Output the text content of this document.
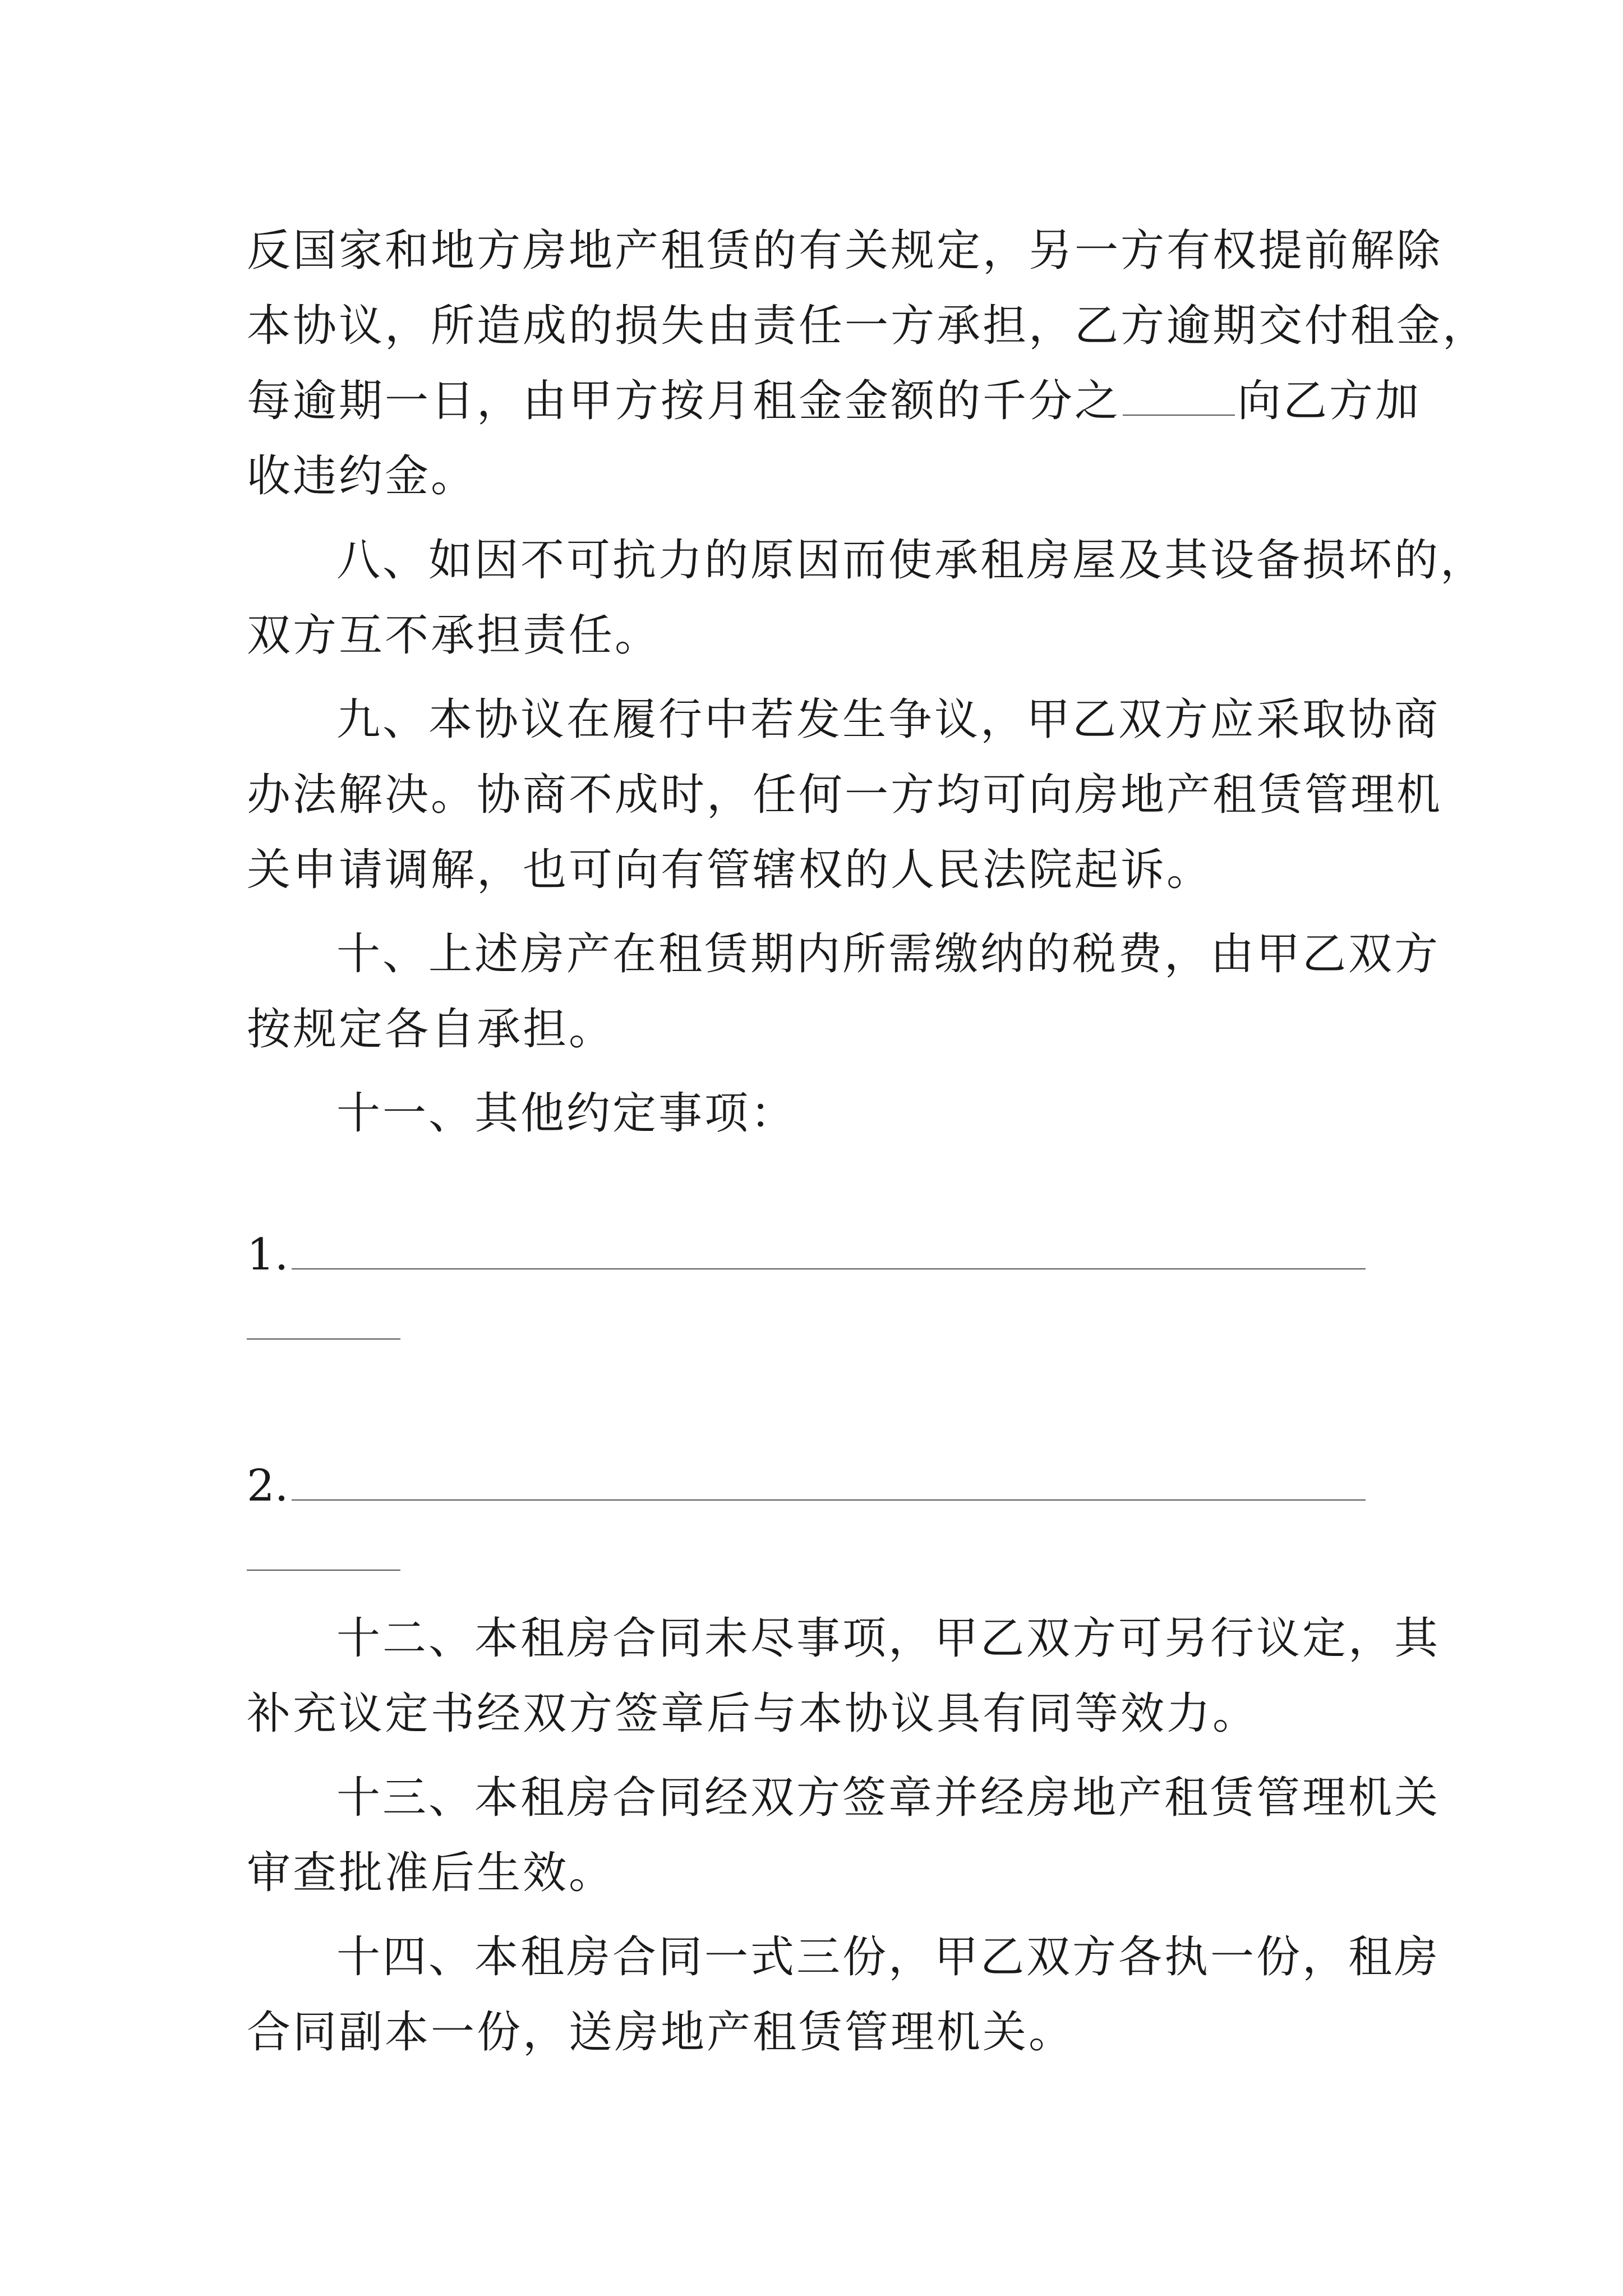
反国家和地方房地产租赁的有关规定，另一方有权提前解除
本协议，所造成的损失由责任一方承担，乙方逾期交付租金，
每逾期一日，由甲方按月租金金额的千分之	向乙方加
收违约金。
八、如因不可抗力的原因而使承租房屋及其设备损坏的，
双方互不承担责任。
九、本协议在履行中若发生争议，甲乙双方应采取协商
办法解决。协商不成时，任何一方均可向房地产租赁管理机
关申请调解，也可向有管辖权的人民法院起诉。
十、上述房产在租赁期内所需缴纳的税费，由甲乙双方
按规定各自承担。
十一、其他约定事项：
1.
2.
十二、本租房合同未尽事项，甲乙双方可另行议定，其
补充议定书经双方签章后与本协议具有同等效力。
十三、本租房合同经双方签章并经房地产租赁管理机关
审查批准后生效。
十四、本租房合同一式三份，甲乙双方各执一份，租房
合同副本一份，送房地产租赁管理机关。
